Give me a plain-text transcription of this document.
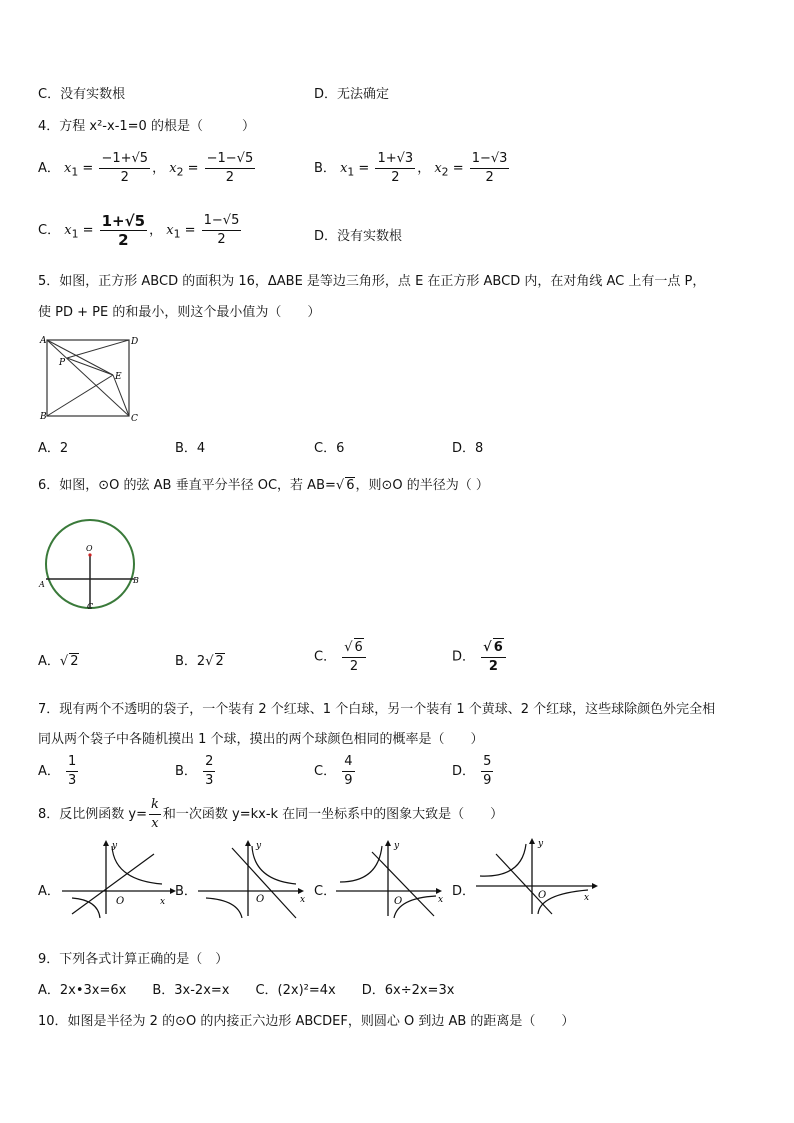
C．没有实数根	D．无法确定
4．方程 x²-x-1=0 的根是（　　　）
A． $x_1 = \frac{-1+√5}{2}$ ， $x_2 = \frac{-1-√5}{2}$	B． $x_1 = \frac{1+√3}{2}$ ， $x_2 = \frac{1-√3}{2}$
C． $x_1 = \frac{1+√5}{2}$ ， $x_1 = \frac{1-√5}{2}$	D．没有实数根
5．如图，正方形 ABCD 的面积为 16，ΔABE 是等边三角形，点 E 在正方形 ABCD 内，在对角线 AC 上有一点 P，
使 PD + PE 的和最小，则这个最小值为（　　）
A	D
B	C
P
E
A．2	B．4	C．6	D．8
6．如图，⊙O 的弦 AB 垂直平分半径 OC，若 AB=√ 6，则⊙O 的半径为（ ）
O
A	B
C
A．√ 2	B．2√ 2	C． $\frac{√ 6}{2}$	D． $\frac{√ 6}{2}$
7．现有两个不透明的袋子，一个装有 2 个红球、1 个白球，另一个装有 1 个黄球、2 个红球，这些球除颜色外完全相
同从两个袋子中各随机摸出 1 个球，摸出的两个球颜色相同的概率是（　　）
A． $\frac{1}{3}$	B． $\frac{2}{3}$	C． $\frac{4}{9}$	D． $\frac{5}{9}$
8．反比例函数 $y= \frac{k}{x}$ 和一次函数 y=kx-k 在同一坐标系中的图象大致是（　　）
A．
y
O	x
B．
y
O	x
C．
y
O	x
D．
y
O	x
9．下列各式计算正确的是（　）
A．2x•3x=6x　　B．3x-2x=x　　C．(2x)²=4x　　D．6x÷2x=3x
10．如图是半径为 2 的⊙O 的内接正六边形 ABCDEF，则圆心 O 到边 AB 的距离是（　　）
